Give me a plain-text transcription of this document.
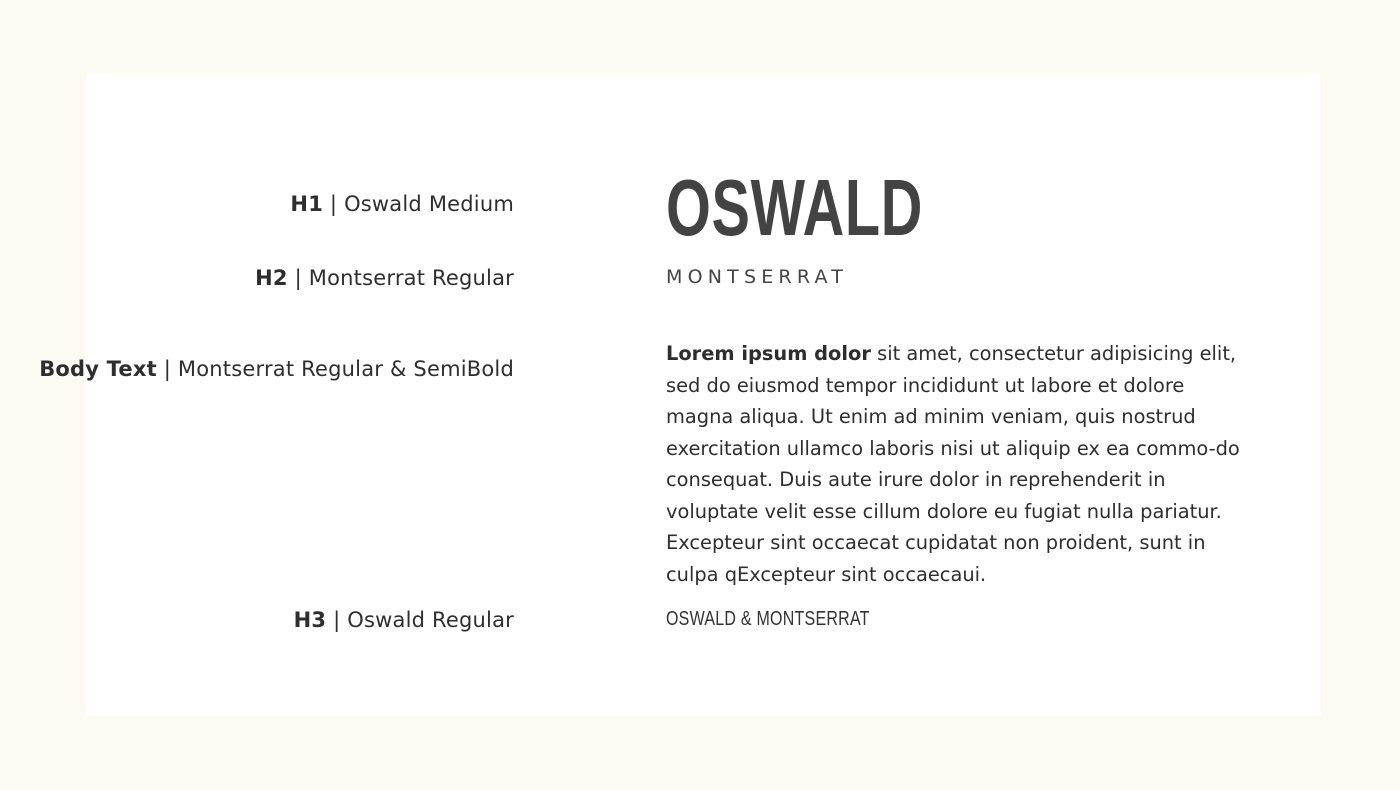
H1 | Oswald Medium
H2 | Montserrat Regular
Body Text | Montserrat Regular & SemiBold
H3 | Oswald Regular
OSWALD
MONTSERRAT
Lorem ipsum dolor sit amet, consectetur adipisicing elit, sed do eiusmod tempor incididunt ut labore et dolore magna aliqua. Ut enim ad minim veniam, quis nostrud exercitation ullamco laboris nisi ut aliquip ex ea commo-do consequat. Duis aute irure dolor in reprehenderit in voluptate velit esse cillum dolore eu fugiat nulla pariatur. Excepteur sint occaecat cupidatat non proident, sunt in culpa qExcepteur sint occaecaui.
OSWALD & MONTSERRAT
